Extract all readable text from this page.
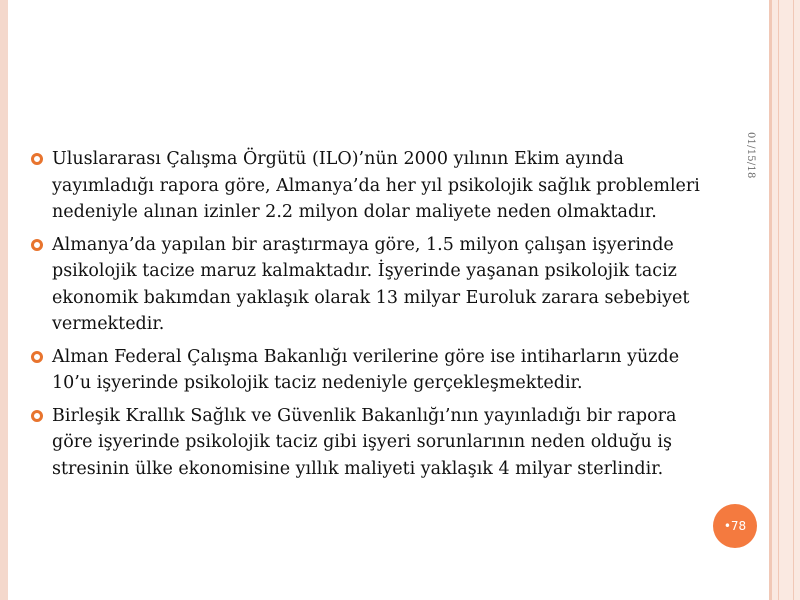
01/15/18
Uluslararası Çalışma Örgütü (ILO)’nün 2000 yılının Ekim ayında yayımladığı rapora göre, Almanya’da her yıl psikolojik sağlık problemleri nedeniyle alınan izinler 2.2 milyon dolar maliyete neden olmaktadır.
Almanya’da yapılan bir araştırmaya göre, 1.5 milyon çalışan işyerinde psikolojik tacize maruz kalmaktadır. İşyerinde yaşanan psikolojik taciz ekonomik bakımdan yaklaşık olarak 13 milyar Euroluk zarara sebebiyet vermektedir.
Alman Federal Çalışma Bakanlığı verilerine göre ise intiharların yüzde 10’u işyerinde psikolojik taciz nedeniyle gerçekleşmektedir.
Birleşik Krallık Sağlık ve Güvenlik Bakanlığı’nın yayınladığı bir rapora göre işyerinde psikolojik taciz gibi işyeri sorunlarının neden olduğu iş stresinin ülke ekonomisine yıllık maliyeti yaklaşık 4 milyar sterlindir.
•78
